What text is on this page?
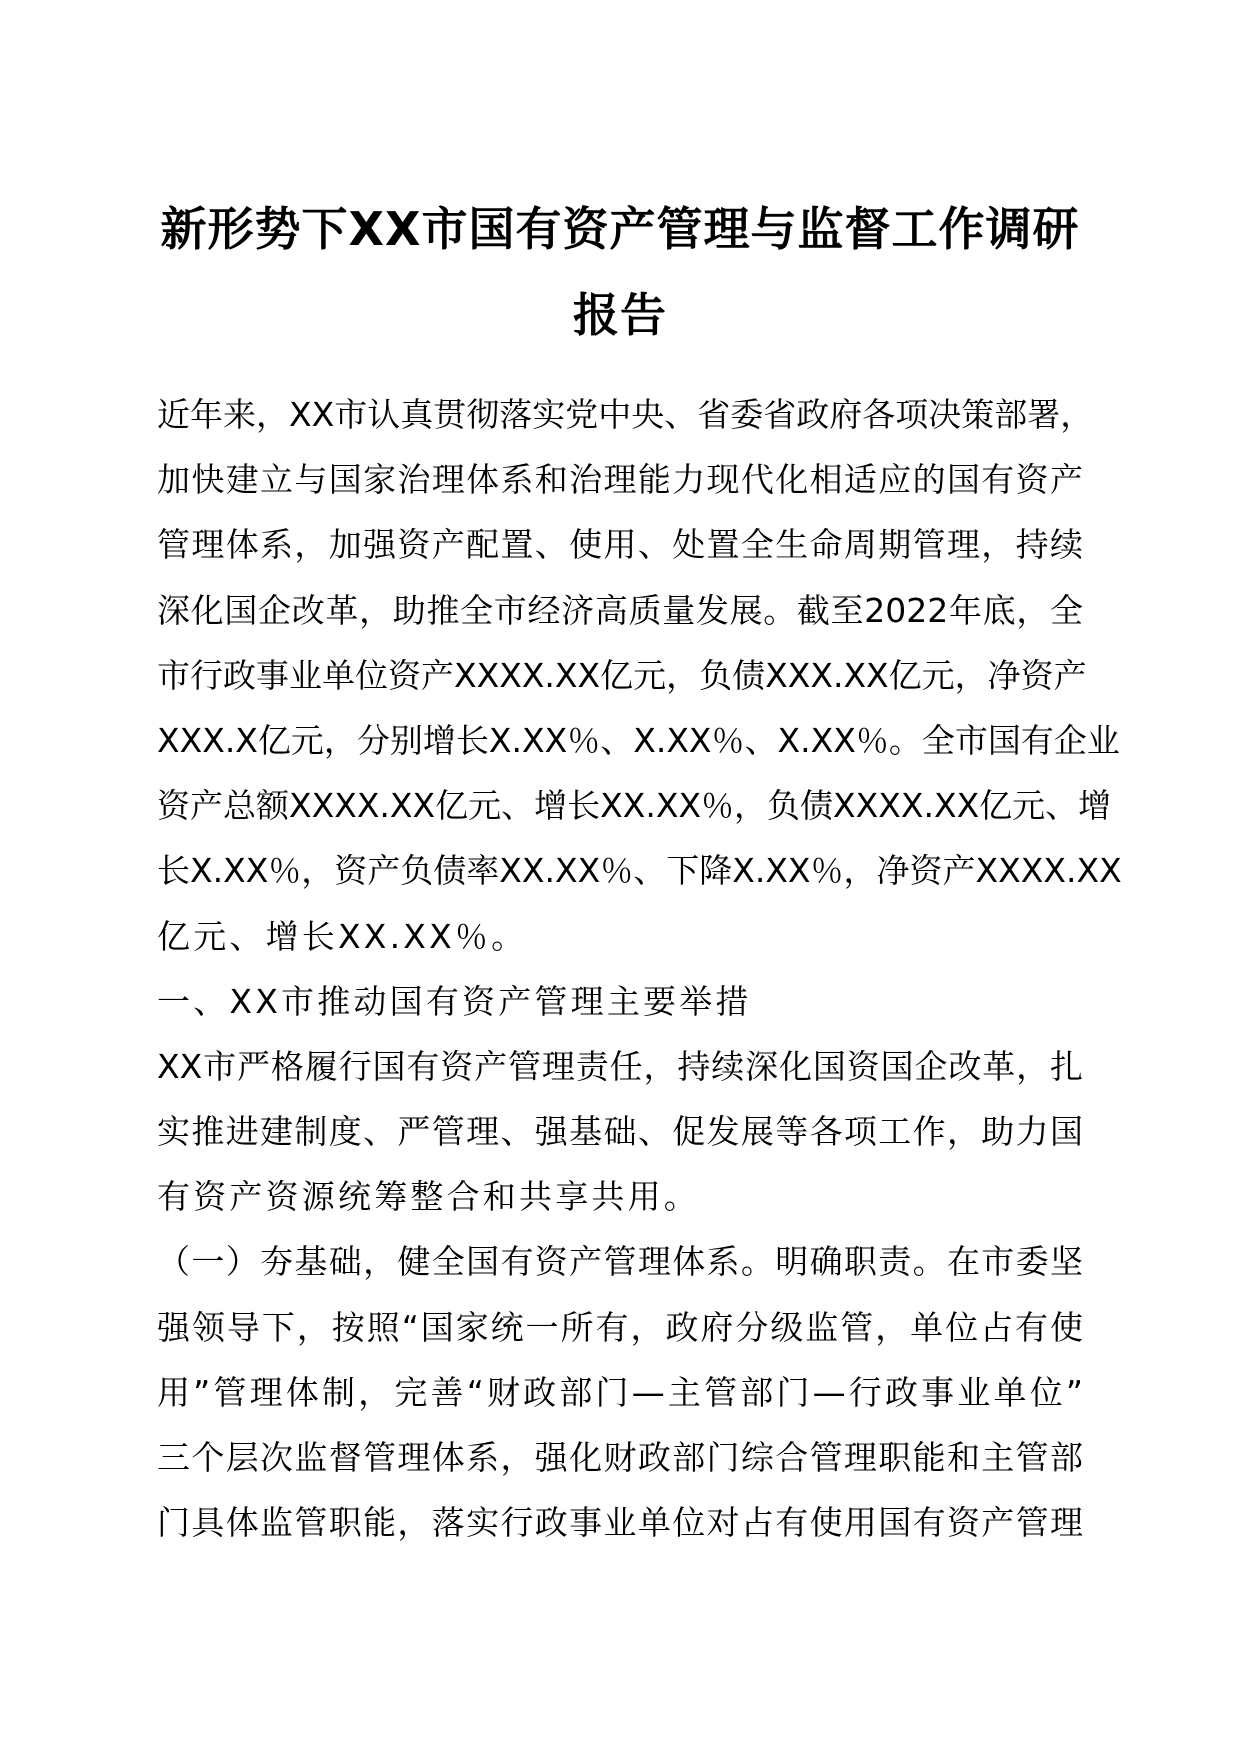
新形势下XX市国有资产管理与监督工作调研
报告
近年来，XX市认真贯彻落实党中央、省委省政府各项决策部署，
加快建立与国家治理体系和治理能力现代化相适应的国有资产
管理体系，加强资产配置、使用、处置全生命周期管理，持续
深化国企改革，助推全市经济高质量发展。截至2022年底，全
市行政事业单位资产XXXX.XX亿元，负债XXX.XX亿元，净资产
XXX.X亿元，分别增长X.XX％、X.XX％、X.XX％。全市国有企业
资产总额XXXX.XX亿元、增长XX.XX％，负债XXXX.XX亿元、增
长X.XX％，资产负债率XX.XX％、下降X.XX％，净资产XXXX.XX
亿元、增长XX.XX％。
一、XX市推动国有资产管理主要举措
XX市严格履行国有资产管理责任，持续深化国资国企改革，扎
实推进建制度、严管理、强基础、促发展等各项工作，助力国
有资产资源统筹整合和共享共用。
（一）夯基础，健全国有资产管理体系。明确职责。在市委坚
强领导下，按照“国家统一所有，政府分级监管，单位占有使
用”管理体制，完善“财政部门—主管部门—行政事业单位”
三个层次监督管理体系，强化财政部门综合管理职能和主管部
门具体监管职能，落实行政事业单位对占有使用国有资产管理
